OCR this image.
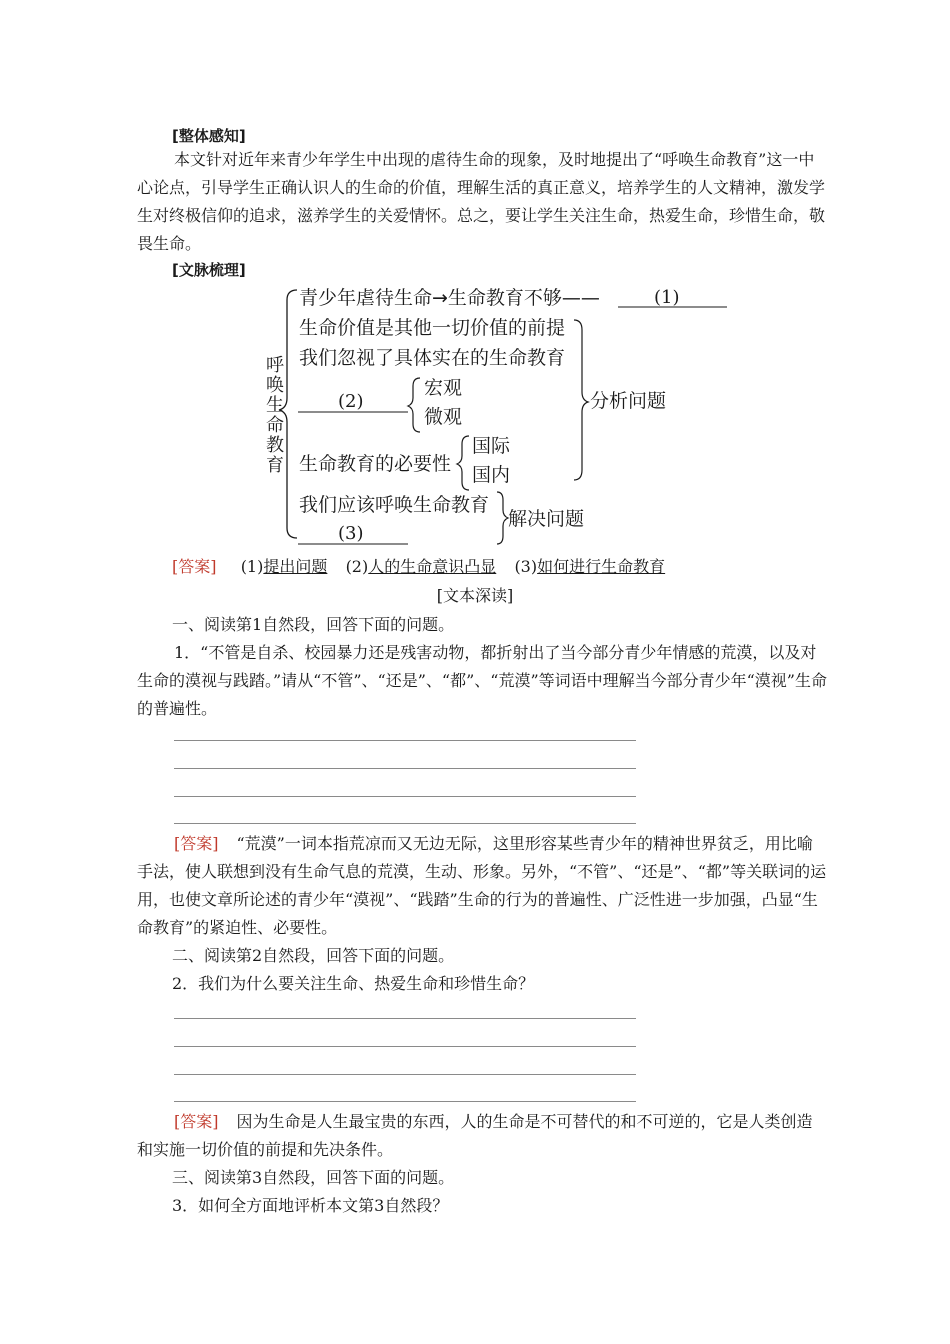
[整体感知]
本文针对近年来青少年学生中出现的虐待生命的现象，及时地提出了“呼唤生命教育”这一中心论点，引导学生正确认识人的生命的价值，理解生活的真正意义，培养学生的人文精神，激发学生对终极信仰的追求，滋养学生的关爱情怀。总之，要让学生关注生命，热爱生命，珍惜生命，敬畏生命。
[文脉梳理]
呼唤生命教育
青少年虐待生命→生命教育不够——	(1)
生命价值是其他一切价值的前提
我们忽视了具体实在的生命教育
(2)
宏观
微观
生命教育的必要性
国际
国内
分析问题
我们应该呼唤生命教育
(3)
解决问题
[答案] (1)提出问题 (2)人的生命意识凸显 (3)如何进行生命教育
[文本深读]
一、阅读第1自然段，回答下面的问题。
1．“不管是自杀、校园暴力还是残害动物，都折射出了当今部分青少年情感的荒漠，以及对生命的漠视与践踏。”请从“不管”、“还是”、“都”、“荒漠”等词语中理解当今部分青少年“漠视”生命的普遍性。
[答案] “荒漠”一词本指荒凉而又无边无际，这里形容某些青少年的精神世界贫乏，用比喻手法，使人联想到没有生命气息的荒漠，生动、形象。另外，“不管”、“还是”、“都”等关联词的运用，也使文章所论述的青少年“漠视”、“践踏”生命的行为的普遍性、广泛性进一步加强，凸显“生命教育”的紧迫性、必要性。
二、阅读第2自然段，回答下面的问题。
2．我们为什么要关注生命、热爱生命和珍惜生命？
[答案] 因为生命是人生最宝贵的东西，人的生命是不可替代的和不可逆的，它是人类创造和实施一切价值的前提和先决条件。
三、阅读第3自然段，回答下面的问题。
3．如何全方面地评析本文第3自然段？
